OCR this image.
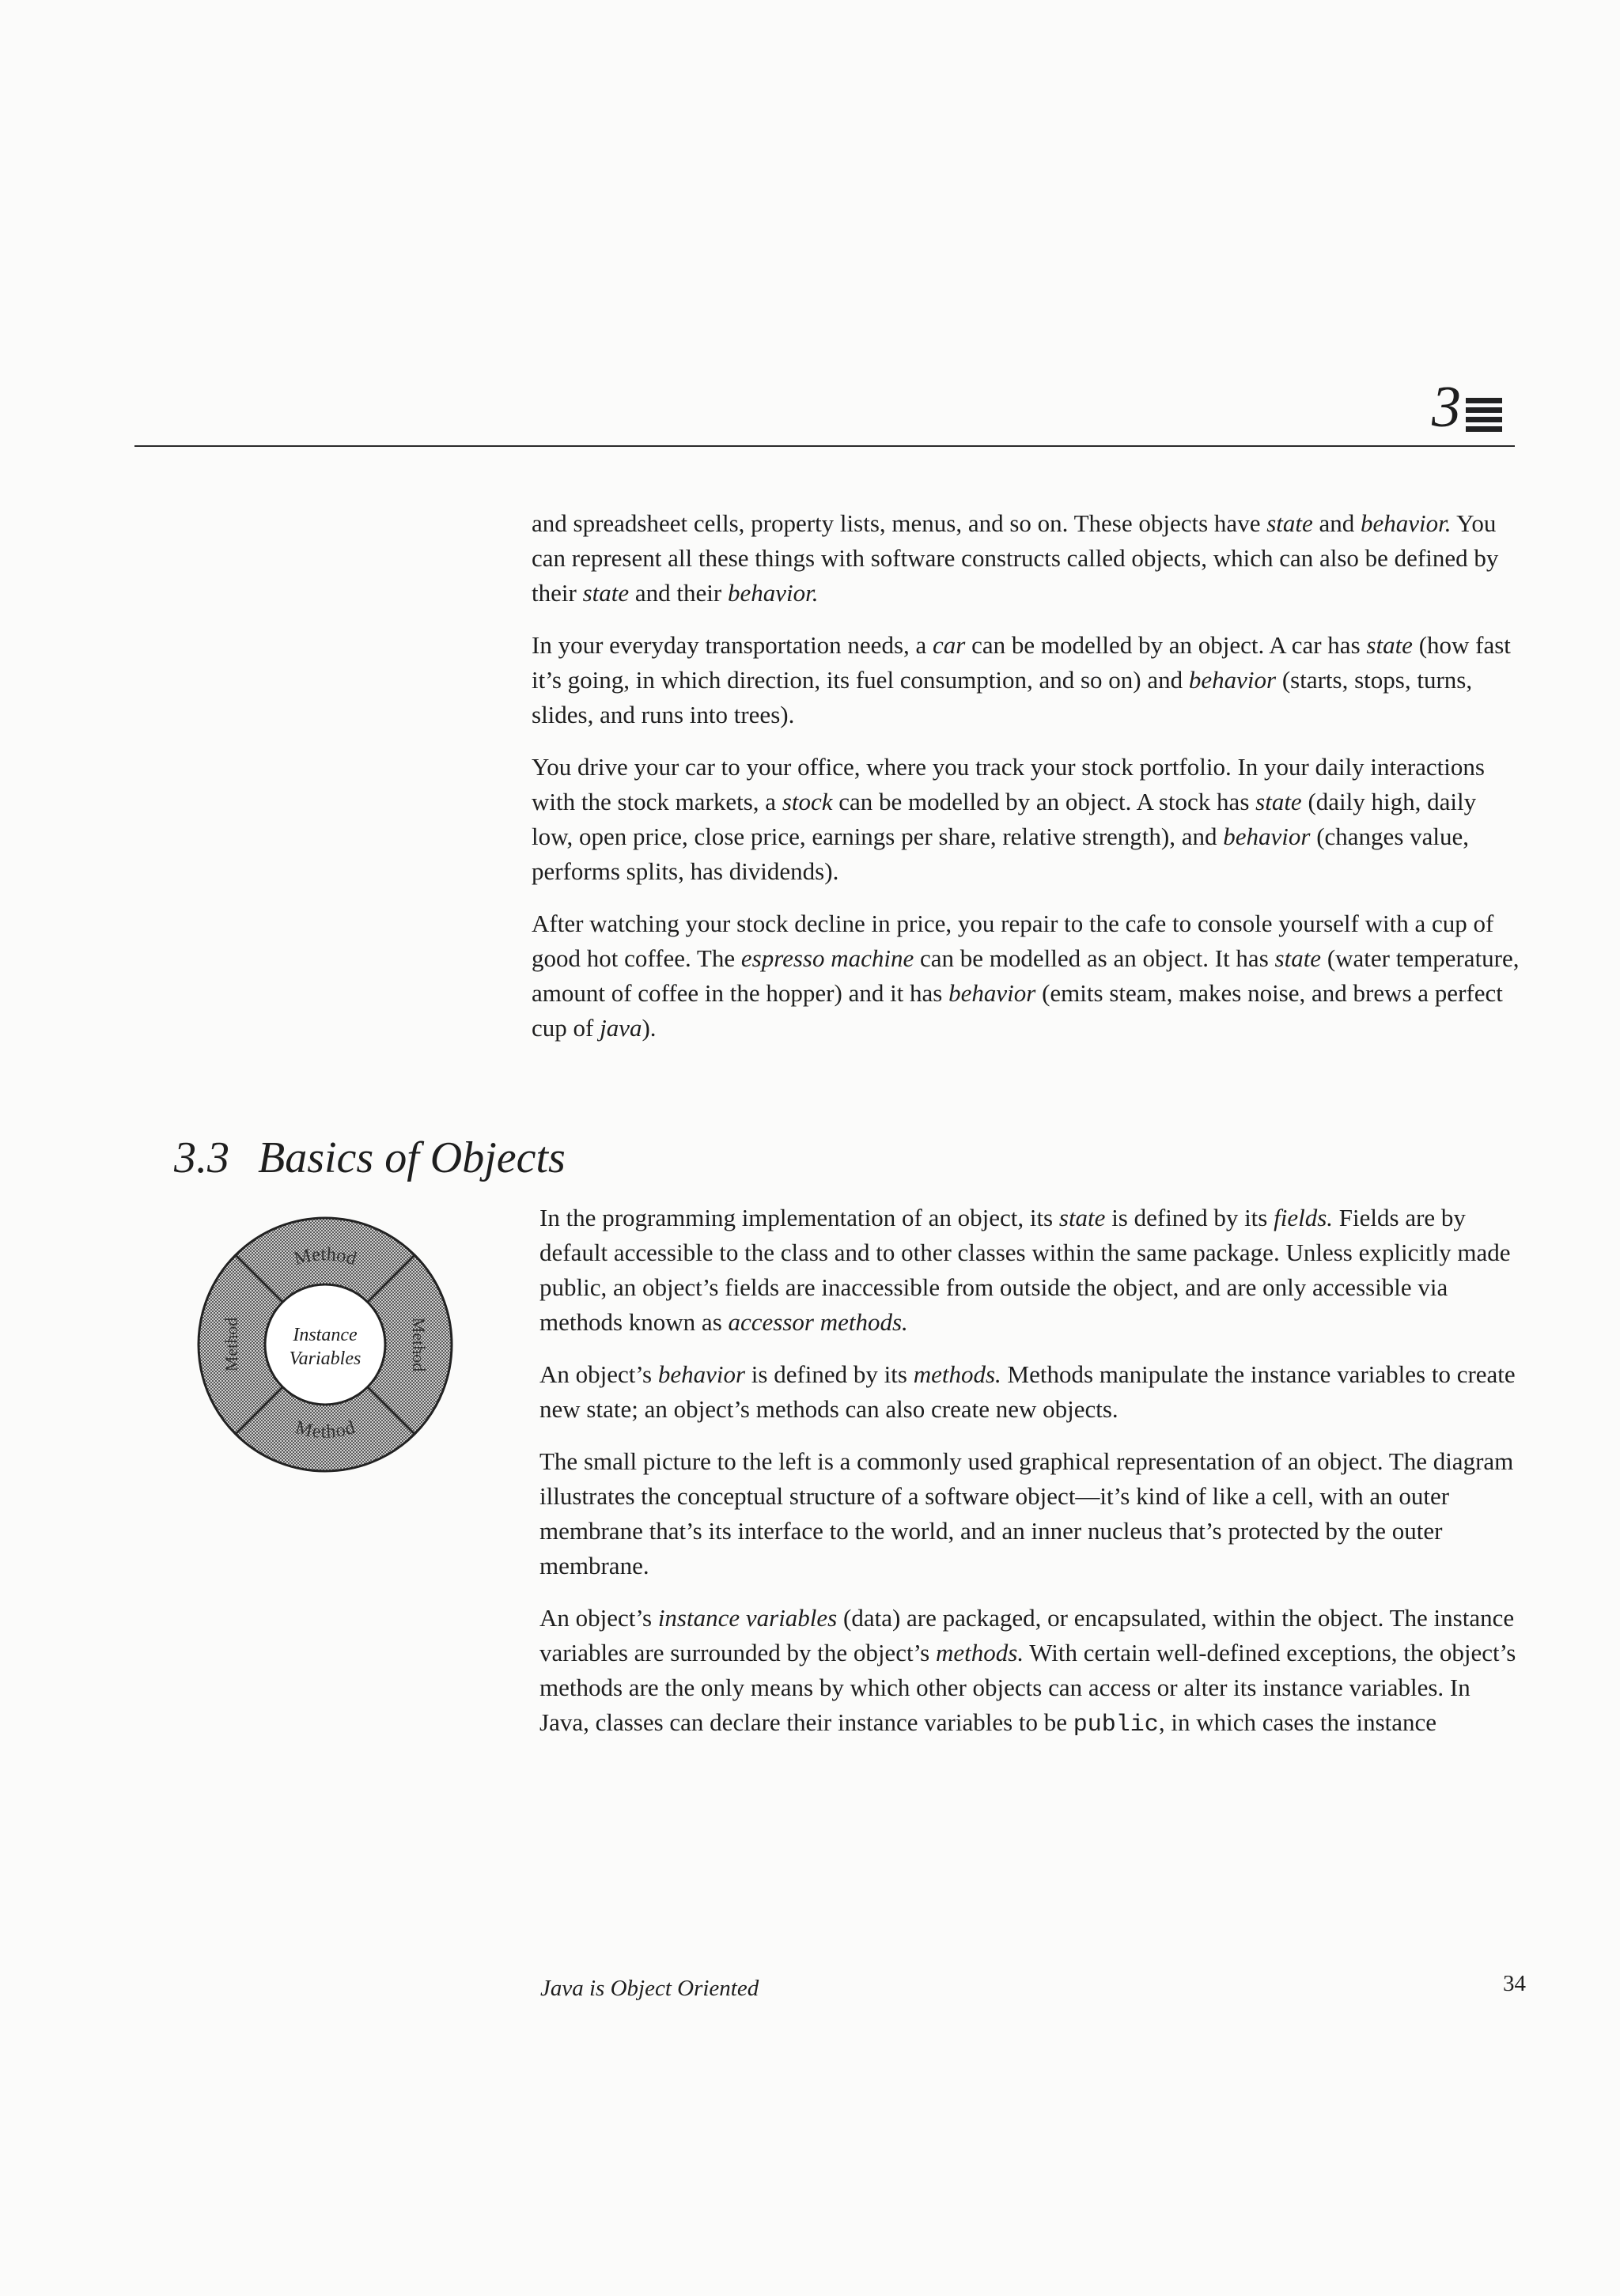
3

and spreadsheet cells, property lists, menus, and so on. These objects have state and behavior. You can represent all these things with software constructs called objects, which can also be defined by their state and their behavior.

In your everyday transportation needs, a car can be modelled by an object. A car has state (how fast it’s going, in which direction, its fuel consumption, and so on) and behavior (starts, stops, turns, slides, and runs into trees).

You drive your car to your office, where you track your stock portfolio. In your daily interactions with the stock markets, a stock can be modelled by an object. A stock has state (daily high, daily low, open price, close price, earnings per share, relative strength), and behavior (changes value, performs splits, has dividends).

After watching your stock decline in price, you repair to the cafe to console yourself with a cup of good hot coffee. The espresso machine can be modelled as an object. It has state (water temperature, amount of coffee in the hopper) and it has behavior (emits steam, makes noise, and brews a perfect cup of java).

3.3 Basics of Objects
Method
Method
Method	Method
Instance
Variables

In the programming implementation of an object, its state is defined by its fields. Fields are by default accessible to the class and to other classes within the same package. Unless explicitly made public, an object’s fields are inaccessible from outside the object, and are only accessible via methods known as accessor methods.

An object’s behavior is defined by its methods. Methods manipulate the instance variables to create new state; an object’s methods can also create new objects.

The small picture to the left is a commonly used graphical representation of an object. The diagram illustrates the conceptual structure of a software object—it’s kind of like a cell, with an outer membrane that’s its interface to the world, and an inner nucleus that’s protected by the outer membrane.

An object’s instance variables (data) are packaged, or encapsulated, within the object. The instance variables are surrounded by the object’s methods. With certain well-defined exceptions, the object’s methods are the only means by which other objects can access or alter its instance variables. In Java, classes can declare their instance variables to be public, in which cases the instance

Java is Object Oriented	34
